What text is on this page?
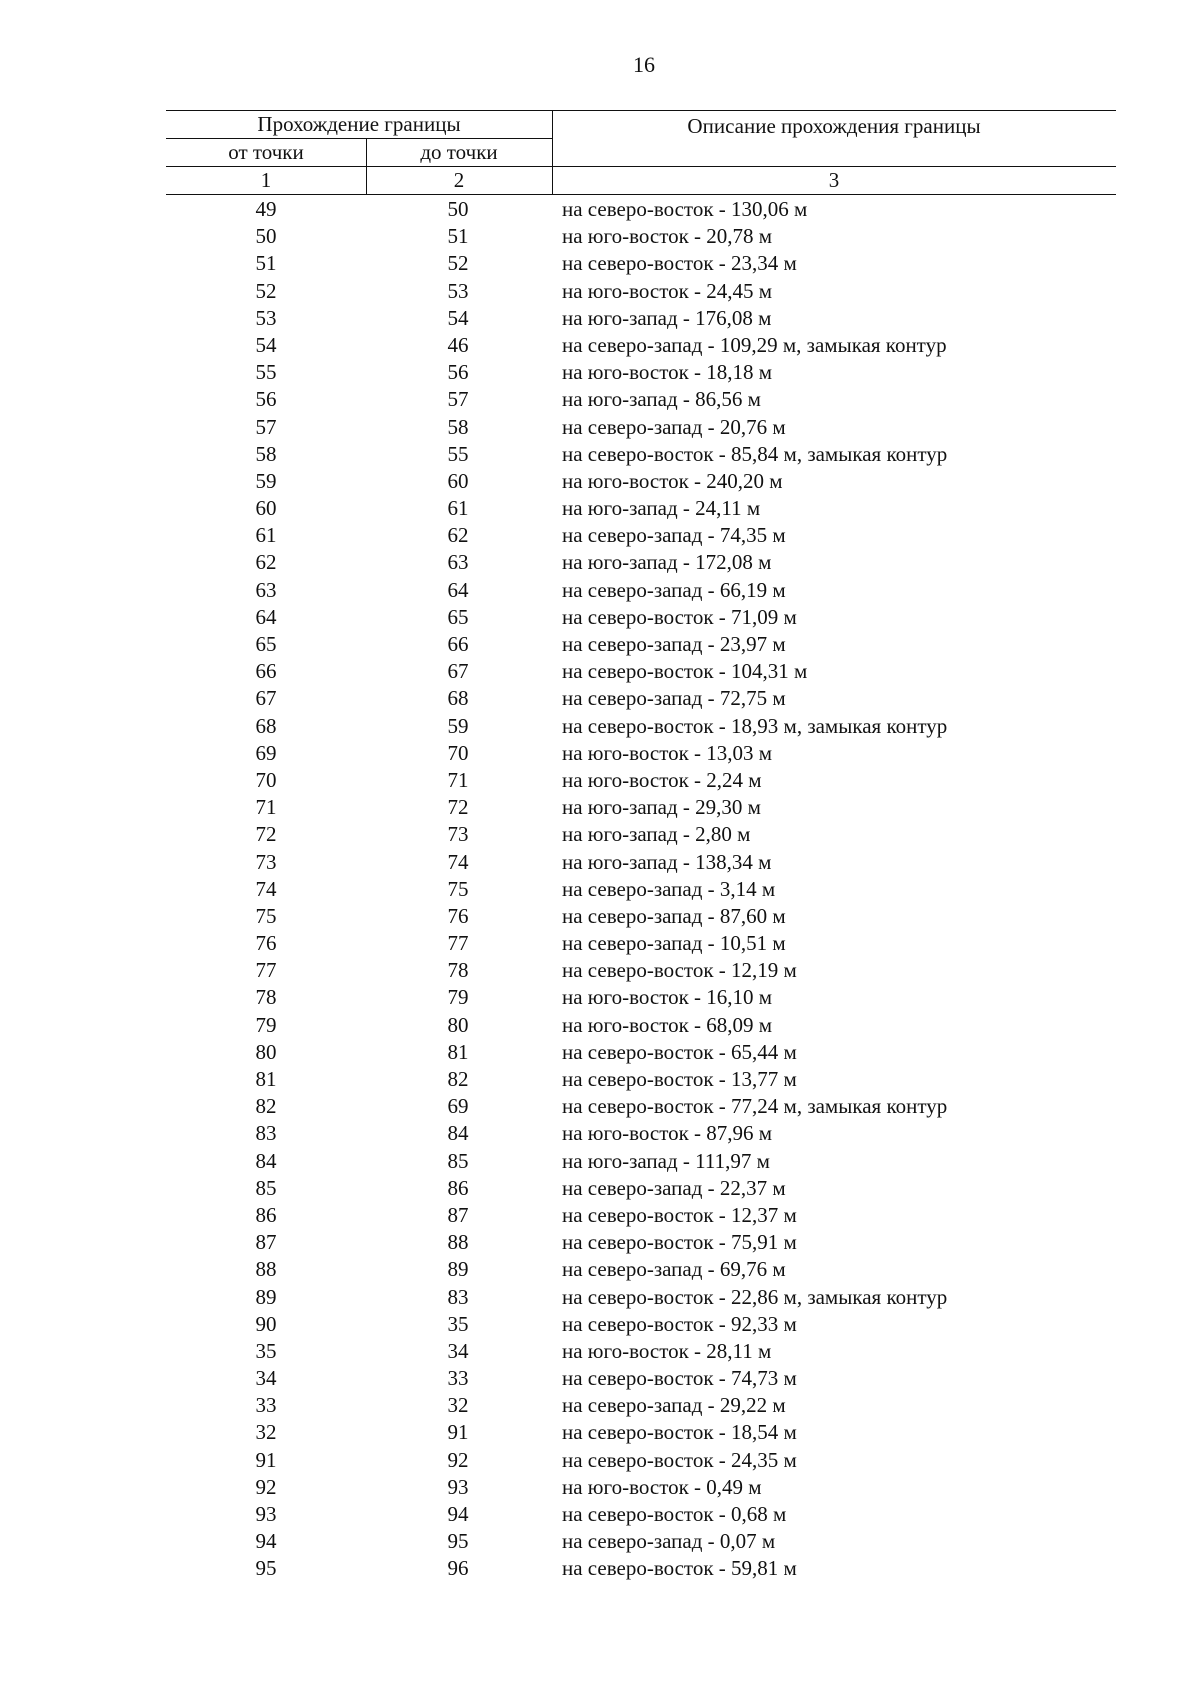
16
Прохождение границы
от точки	до точки
Описание прохождения границы
1	2	3
49	50	на северо-восток - 130,06 м
50	51	на юго-восток - 20,78 м
51	52	на северо-восток - 23,34 м
52	53	на юго-восток - 24,45 м
53	54	на юго-запад - 176,08 м
54	46	на северо-запад - 109,29 м, замыкая контур
55	56	на юго-восток - 18,18 м
56	57	на юго-запад - 86,56 м
57	58	на северо-запад - 20,76 м
58	55	на северо-восток - 85,84 м, замыкая контур
59	60	на юго-восток - 240,20 м
60	61	на юго-запад - 24,11 м
61	62	на северо-запад - 74,35 м
62	63	на юго-запад - 172,08 м
63	64	на северо-запад - 66,19 м
64	65	на северо-восток - 71,09 м
65	66	на северо-запад - 23,97 м
66	67	на северо-восток - 104,31 м
67	68	на северо-запад - 72,75 м
68	59	на северо-восток - 18,93 м, замыкая контур
69	70	на юго-восток - 13,03 м
70	71	на юго-восток - 2,24 м
71	72	на юго-запад - 29,30 м
72	73	на юго-запад - 2,80 м
73	74	на юго-запад - 138,34 м
74	75	на северо-запад - 3,14 м
75	76	на северо-запад - 87,60 м
76	77	на северо-запад - 10,51 м
77	78	на северо-восток - 12,19 м
78	79	на юго-восток - 16,10 м
79	80	на юго-восток - 68,09 м
80	81	на северо-восток - 65,44 м
81	82	на северо-восток - 13,77 м
82	69	на северо-восток - 77,24 м, замыкая контур
83	84	на юго-восток - 87,96 м
84	85	на юго-запад - 111,97 м
85	86	на северо-запад - 22,37 м
86	87	на северо-восток - 12,37 м
87	88	на северо-восток - 75,91 м
88	89	на северо-запад - 69,76 м
89	83	на северо-восток - 22,86 м, замыкая контур
90	35	на северо-восток - 92,33 м
35	34	на юго-восток - 28,11 м
34	33	на северо-восток - 74,73 м
33	32	на северо-запад - 29,22 м
32	91	на северо-восток - 18,54 м
91	92	на северо-восток - 24,35 м
92	93	на юго-восток - 0,49 м
93	94	на северо-восток - 0,68 м
94	95	на северо-запад - 0,07 м
95	96	на северо-восток - 59,81 м
